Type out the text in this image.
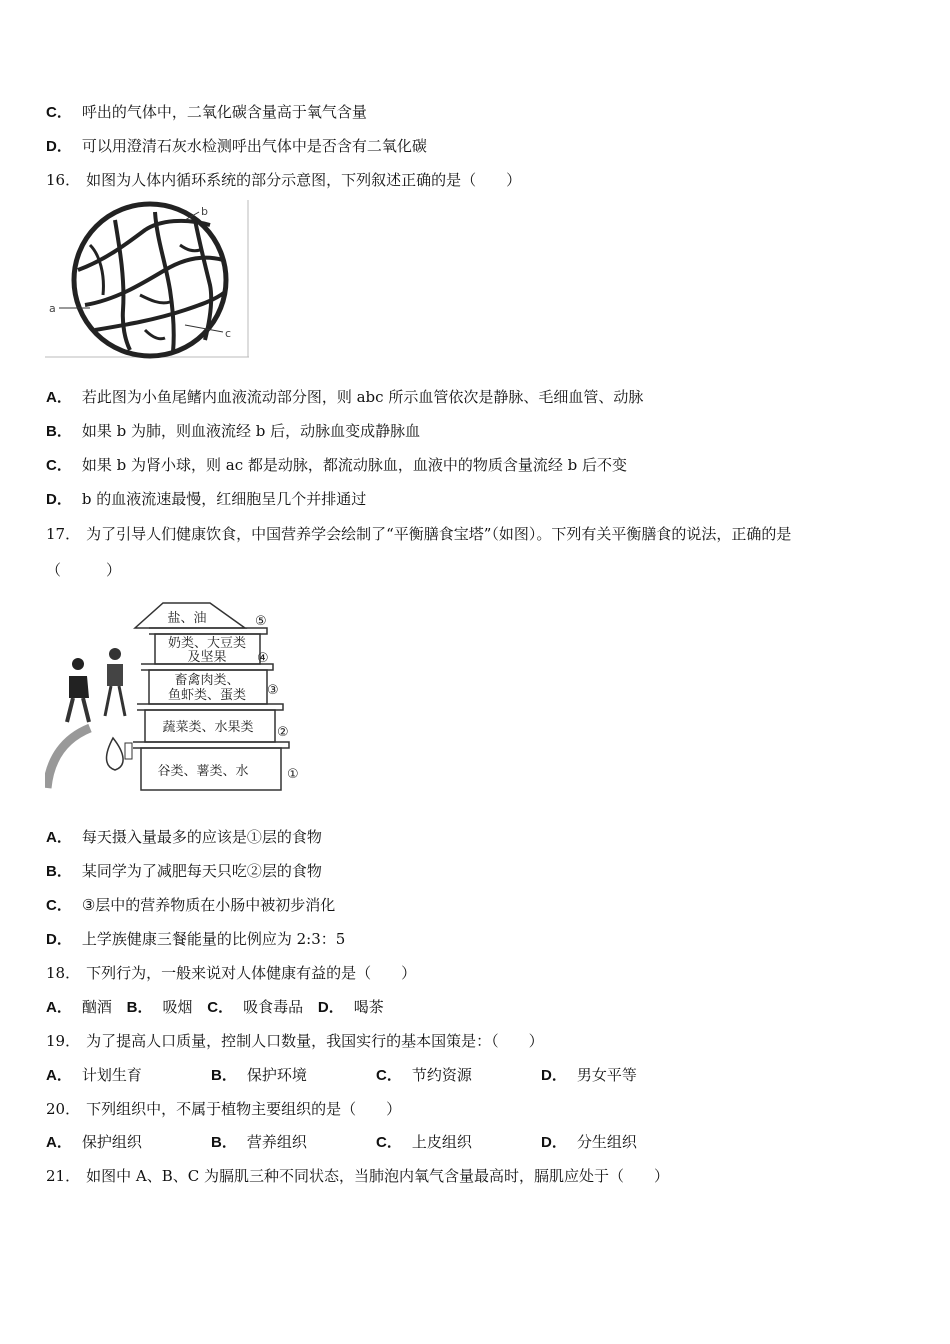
C． 呼出的气体中，二氧化碳含量高于氧气含量
D． 可以用澄清石灰水检测呼出气体中是否含有二氧化碳
16． 如图为人体内循环系统的部分示意图，下列叙述正确的是（　　）
b
a
c
A． 若此图为小鱼尾鳍内血液流动部分图，则 abc 所示血管依次是静脉、毛细血管、动脉
B． 如果 b 为肺，则血液流经 b 后，动脉血变成静脉血
C． 如果 b 为肾小球，则 ac 都是动脉，都流动脉血，血液中的物质含量流经 b 后不变
D． b 的血液流速最慢，红细胞呈几个并排通过
17． 为了引导人们健康饮食，中国营养学会绘制了“平衡膳食宝塔”（如图）。下列有关平衡膳食的说法，正确的是
（　　　）
盐、油
奶类、大豆类
及坚果
畜禽肉类、
鱼虾类、蛋类
蔬菜类、水果类
谷类、薯类、水
⑤
④
③
②
①
A． 每天摄入量最多的应该是①层的食物
B． 某同学为了减肥每天只吃②层的食物
C． ③层中的营养物质在小肠中被初步消化
D． 上学族健康三餐能量的比例应为 2:3：5
18． 下列行为，一般来说对人体健康有益的是（　　）
A． 酗酒 B． 吸烟 C． 吸食毒品 D． 喝茶
19． 为了提高人口质量，控制人口数量，我国实行的基本国策是：（　　）
A． 计划生育	B． 保护环境	C． 节约资源	D． 男女平等
20． 下列组织中，不属于植物主要组织的是（　　）
A． 保护组织	B． 营养组织	C． 上皮组织	D． 分生组织
21． 如图中 A、B、C 为膈肌三种不同状态，当肺泡内氧气含量最高时，膈肌应处于（　　）
